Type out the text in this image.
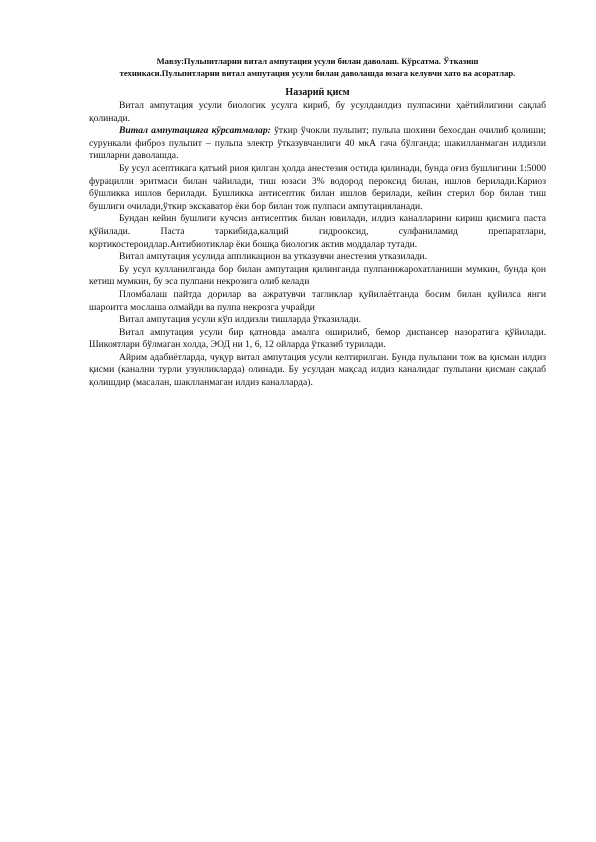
Мавзу:Пульпитларни витал ампутация усули билан даволаш. Кўрсатма. Ўтказиш
техникаси.Пульпитларни витал ампутация усули билан даволашда юзага келувчи хато ва асоратлар.
Назарий қисм

Витал ампутация усули биологик усулга кириб, бу усулдаилдиз пулпасини ҳаётийлигини сақлаб қолинади.

Витал ампутацияга кўрсатмалар: ўткир ўчокли пульпит; пульпа шохини бехосдан очилиб қолиши; сурункали фиброз пульпит – пульпа электр ўтказувчанлиги 40 мкА гача бўлганда; шакилланмаган илдизли тишларни даволашда.

Бу усул асептикага қатъий риоя қилган ҳолда анестезия остида қилинади, бунда оғиз бушлигини 1:5000 фурацилли эритмаси билан чайилади, тиш юзаси 3% водород пероксид билан, ишлов берилади.Кариоз бўшликка ишлов берилади. Бушликка антисептик билан ишлов берилади, кейин стерил бор билан тиш бушлиги очилади,ўткир экскаватор ёки бор билан тож пулпаси ампутацияланади.

Бундан кейин бушлиги кучсиз антисептик билан ювилади, илдиз каналларини кириш қисмига паста қўйилади. Паста таркибида,калций гидрооксид, сулфаниламид препаратлари, кортикостероидлар.Антибиотиклар ёки бошқа биологик актив моддалар тутади.

Витал ампутация усулида аппликацион ва утказувчи анестезия утказилади.

Бу усул кулланилганда бор билан ампутация қилинганда пулпанижарохатланиши мумкин, бунда қон кетиш мумкин, бу эса пулпани некрозига олиб келади

Пломбалаш пайтда дорилар ва ажратувчи тагликлар қуйилаётганда босим билан қуйилса янги шароитга мослаша олмайди ва пулпа некрозга учрайди

Витал ампутация усули кўп илдизли тишларда ўтказилади.

Витал ампутация усули бир қатновда амалга оширилиб, бемор диспансер назоратига қўйилади. Шикоятлари бўлмаган холда, ЭОД ни 1, 6, 12 ойларда ўтказиб турилади.

Айрим адабиётларда, чуқур витал ампутация усули келтирилган. Бунда пульпани тож ва қисман илдиз қисми (канални турли узунликларда) олинади. Бу усулдан мақсад илдиз каналидаг пульпани қисман сақлаб қолишдир (масалан, шаклланмаган илдиз каналларда).
